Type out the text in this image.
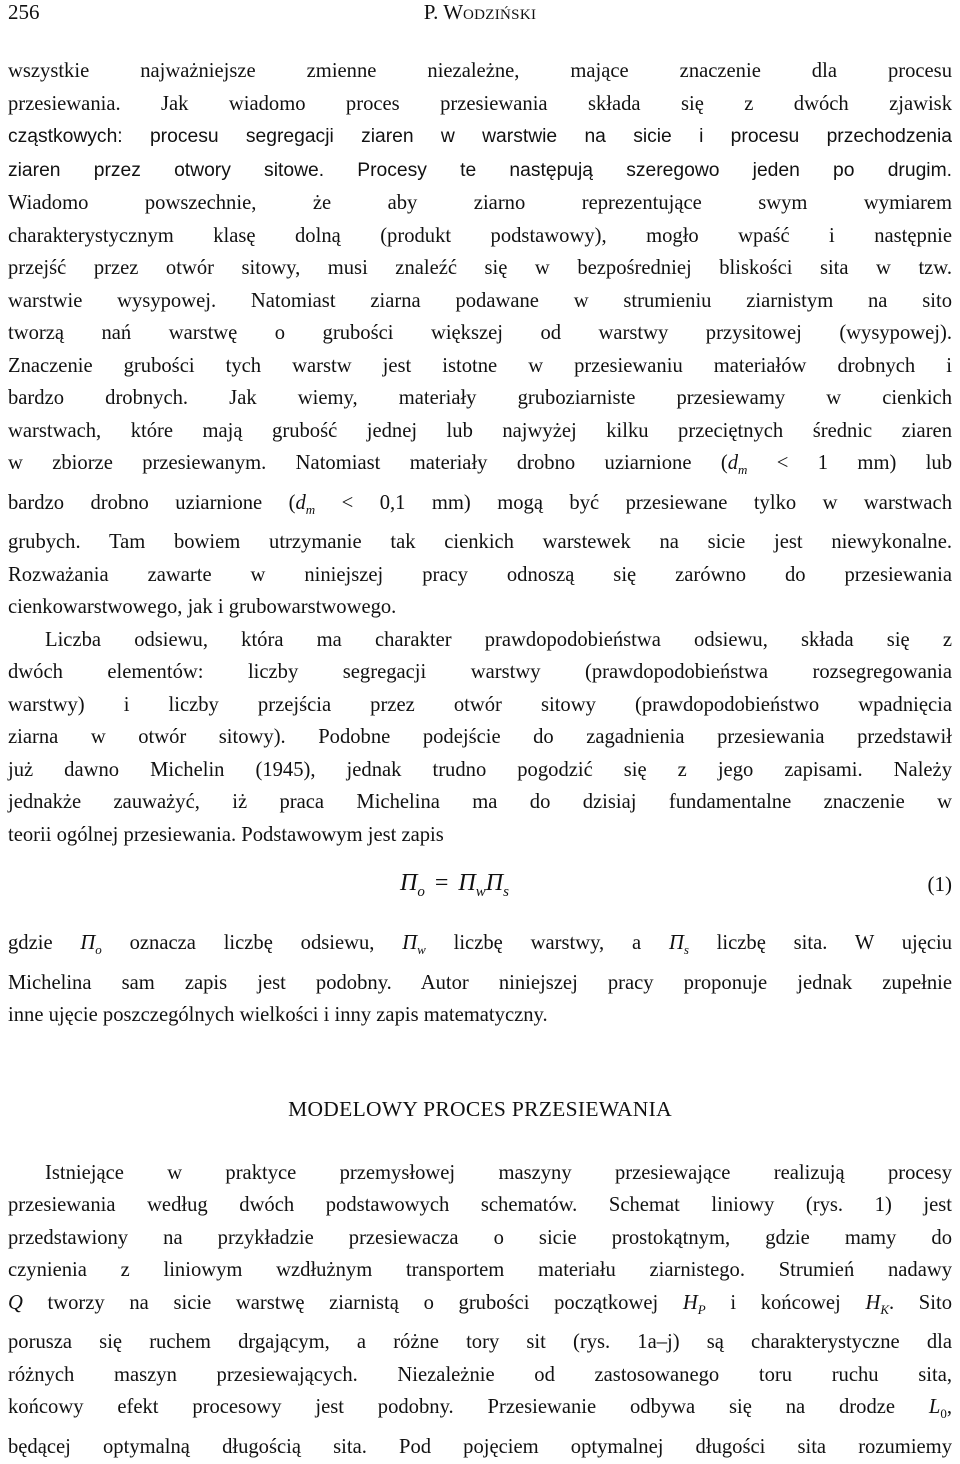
256	P. WODZIŃSKI

wszystkie najważniejsze zmienne niezależne, mające znaczenie dla procesu

przesiewania. Jak wiadomo proces przesiewania składa się z dwóch zjawisk

cząstkowych: procesu segregacji ziaren w warstwie na sicie i procesu przechodzenia

ziaren przez otwory sitowe. Procesy te następują szeregowo jeden po drugim.

Wiadomo powszechnie, że aby ziarno reprezentujące swym wymiarem

charakterystycznym klasę dolną (produkt podstawowy), mogło wpaść i następnie

przejść przez otwór sitowy, musi znaleźć się w bezpośredniej bliskości sita w tzw.

warstwie wysypowej. Natomiast ziarna podawane w strumieniu ziarnistym na sito

tworzą nań warstwę o grubości większej od warstwy przysitowej (wysypowej).

Znaczenie grubości tych warstw jest istotne w przesiewaniu materiałów drobnych i

bardzo drobnych. Jak wiemy, materiały gruboziarniste przesiewamy w cienkich

warstwach, które mają grubość jednej lub najwyżej kilku przeciętnych średnic ziaren

w zbiorze przesiewanym. Natomiast materiały drobno uziarnione ($d_m < 1$ mm) lub

bardzo drobno uziarnione ($d_m < 0,1$ mm) mogą być przesiewane tylko w warstwach

grubych. Tam bowiem utrzymanie tak cienkich warstewek na sicie jest niewykonalne.

Rozważania zawarte w niniejszej pracy odnoszą się zarówno do przesiewania

cienkowarstwowego, jak i grubowarstwowego.

Liczba odsiewu, która ma charakter prawdopodobieństwa odsiewu, składa się z

dwóch elementów: liczby segregacji warstwy (prawdopodobieństwa rozsegregowania

warstwy) i liczby przejścia przez otwór sitowy (prawdopodobieństwo wpadnięcia

ziarna w otwór sitowy). Podobne podejście do zagadnienia przesiewania przedstawił

już dawno Michelin (1945), jednak trudno pogodzić się z jego zapisami. Należy

jednakże zauważyć, iż praca Michelina ma do dzisiaj fundamentalne znaczenie w

teorii ogólnej przesiewania. Podstawowym jest zapis

$\Pi_o = \Pi_w\Pi_s$	(1)

gdzie $\Pi_o$ oznacza liczbę odsiewu, $\Pi_w$ liczbę warstwy, a $\Pi_s$ liczbę sita. W ujęciu

Michelina sam zapis jest podobny. Autor niniejszej pracy proponuje jednak zupełnie

inne ujęcie poszczególnych wielkości i inny zapis matematyczny.

MODELOWY PROCES PRZESIEWANIA

Istniejące w praktyce przemysłowej maszyny przesiewające realizują procesy

przesiewania według dwóch podstawowych schematów. Schemat liniowy (rys. 1) jest

przedstawiony na przykładzie przesiewacza o sicie prostokątnym, gdzie mamy do

czynienia z liniowym wzdłużnym transportem materiału ziarnistego. Strumień nadawy

Q tworzy na sicie warstwę ziarnistą o grubości początkowej $H_P$ i końcowej $H_K$. Sito

porusza się ruchem drgającym, a różne tory sit (rys. 1a–j) są charakterystyczne dla

różnych maszyn przesiewających. Niezależnie od zastosowanego toru ruchu sita,

końcowy efekt procesowy jest podobny. Przesiewanie odbywa się na drodze $L_0$,

będącej optymalną długością sita. Pod pojęciem optymalnej długości sita rozumiemy
